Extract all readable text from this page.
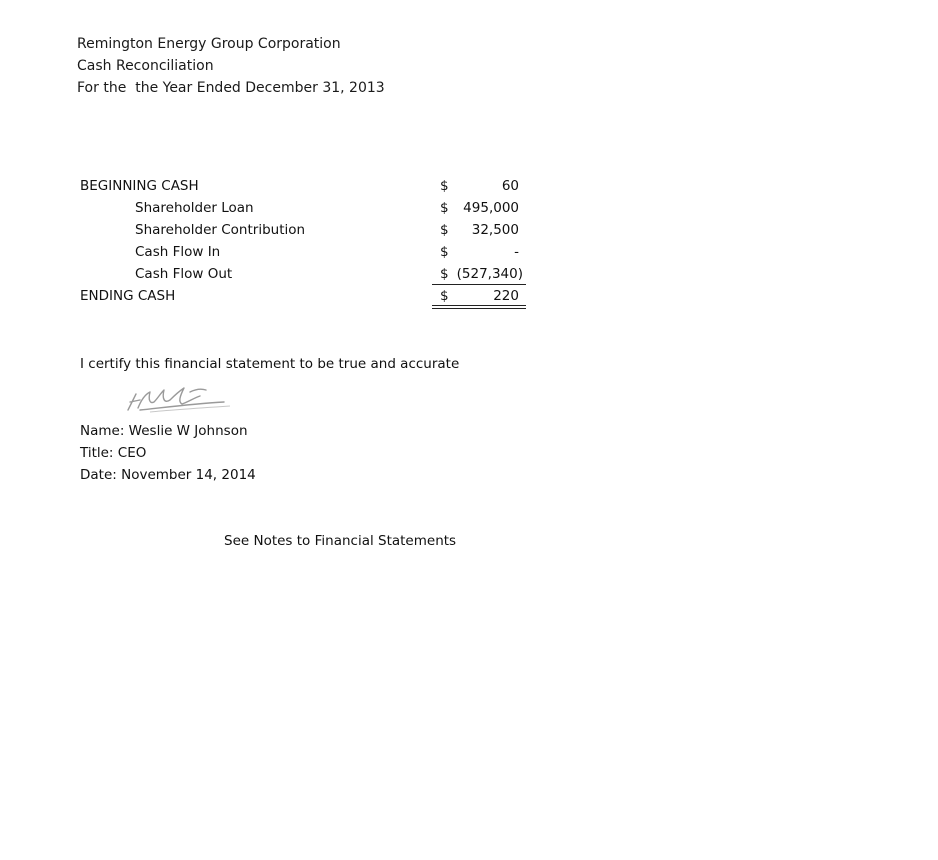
Remington Energy Group Corporation
Cash Reconciliation
For the  the Year Ended December 31, 2013
BEGINNING CASH	$	60
Shareholder Loan	$ 495,000
Shareholder Contribution	$ 32,500
Cash Flow In	$	-
Cash Flow Out	$ (527,340)
ENDING CASH	$	220
I certify this financial statement to be true and accurate
Name: Weslie W Johnson
Title: CEO
Date: November 14, 2014
See Notes to Financial Statements
